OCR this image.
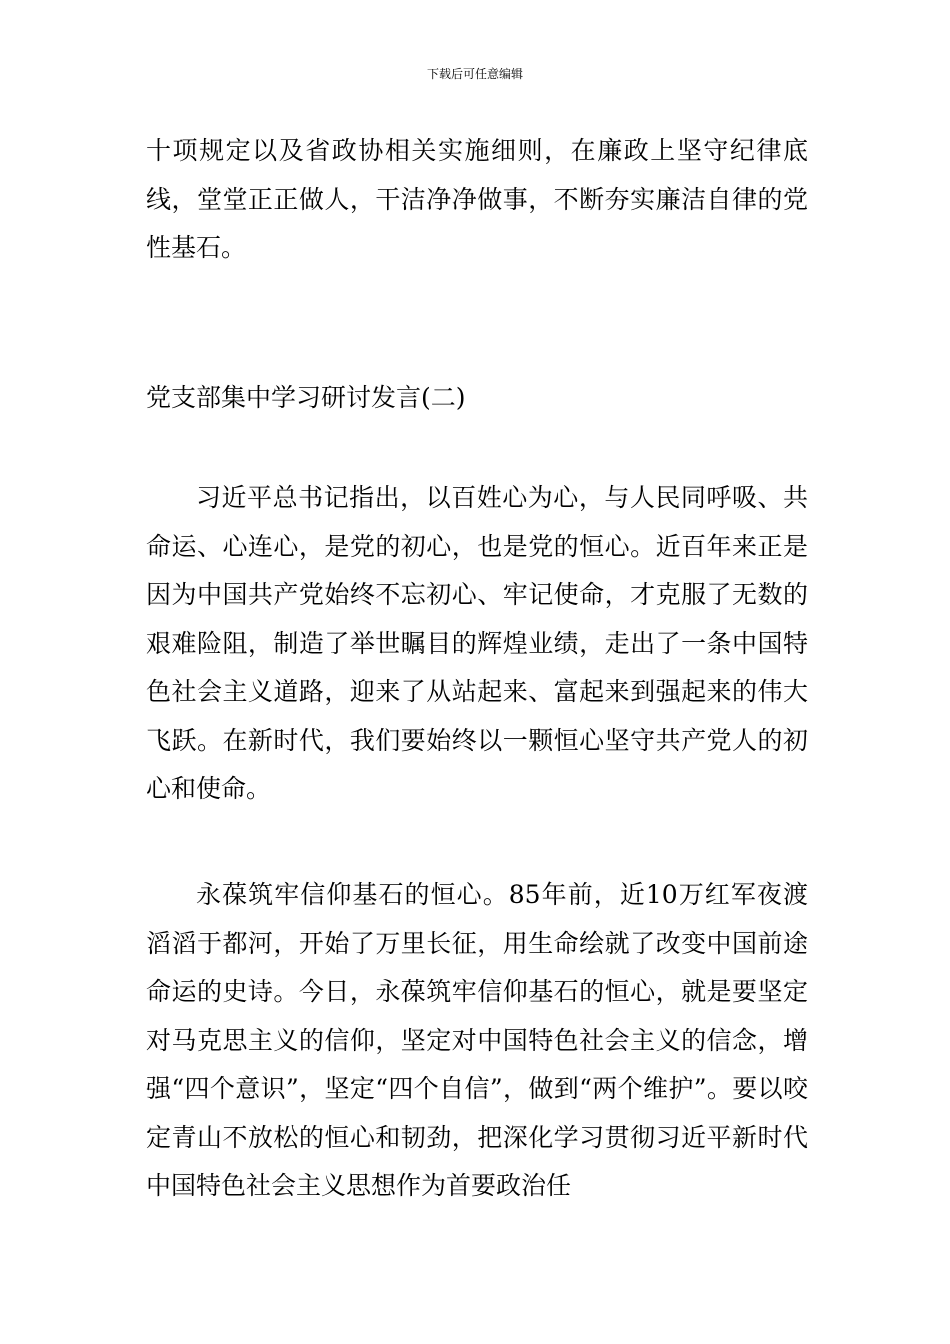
下载后可任意编辑
十项规定以及省政协相关实施细则，在廉政上坚守纪律底线，堂堂正正做人，干洁净净做事，不断夯实廉洁自律的党性基石。
党支部集中学习研讨发言(二)
习近平总书记指出，以百姓心为心，与人民同呼吸、共命运、心连心，是党的初心，也是党的恒心。近百年来正是因为中国共产党始终不忘初心、牢记使命，才克服了无数的艰难险阻，制造了举世瞩目的辉煌业绩，走出了一条中国特色社会主义道路，迎来了从站起来、富起来到强起来的伟大飞跃。在新时代，我们要始终以一颗恒心坚守共产党人的初心和使命。
永葆筑牢信仰基石的恒心。85年前，近10万红军夜渡滔滔于都河，开始了万里长征，用生命绘就了改变中国前途命运的史诗。今日，永葆筑牢信仰基石的恒心，就是要坚定对马克思主义的信仰，坚定对中国特色社会主义的信念，增强“四个意识”，坚定“四个自信”，做到“两个维护”。要以咬定青山不放松的恒心和韧劲，把深化学习贯彻习近平新时代中国特色社会主义思想作为首要政治任
